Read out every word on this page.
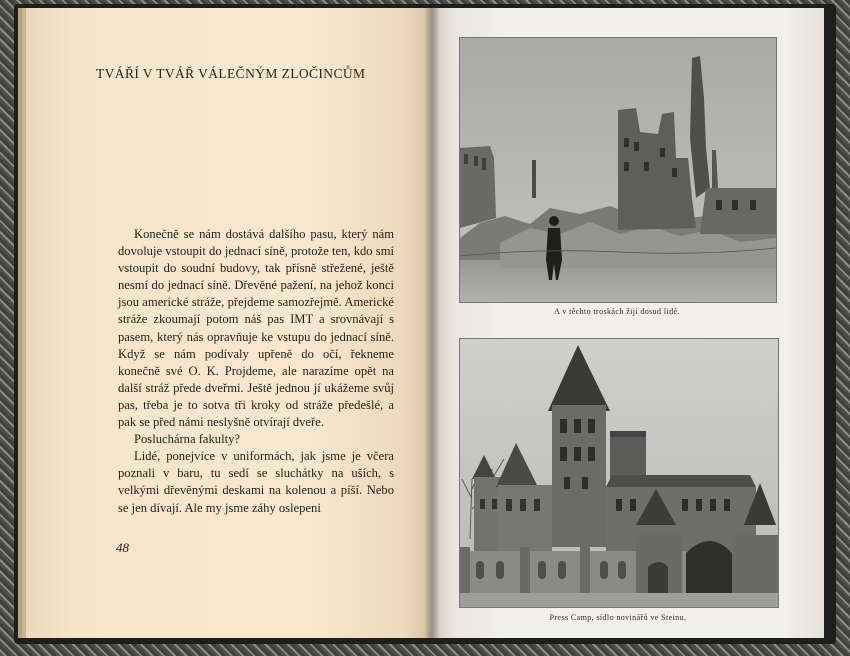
TVÁŘÍ V TVÁŘ VÁLEČNÝM ZLOČINCŮM

Konečně se nám dostává dalšího pasu, který nám dovoluje vstoupit do jednací síně, protože ten, kdo smí vstoupit do soudní budovy, tak přísně střežené, ještě nesmí do jednací síně. Dřevěné pažení, na jehož konci jsou americké stráže, přejdeme samozřejmě. Americké stráže zkoumají potom náš pas IMT a srovnávají s pasem, který nás opravňuje ke vstupu do jednací síně. Když se nám podívaly upřeně do očí, řekneme konečně své O. K. Projdeme, ale narazíme opět na další stráž přede dveřmi. Ještě jednou jí ukážeme svůj pas, třeba je to sotva tři kroky od stráže předešlé, a pak se před námi neslyšně otvírají dveře.

Posluchárna fakulty?

Lidé, ponejvíce v uniformách, jak jsme je včera poznali v baru, tu sedí se sluchátky na uších, s velkými dřevěnými deskami na kolenou a píší. Nebo se jen dívají. Ale my jsme záhy oslepeni

48
A v těchto troskách žijí dosud lidé.
Press Camp, sídlo novinářů ve Steinu.
